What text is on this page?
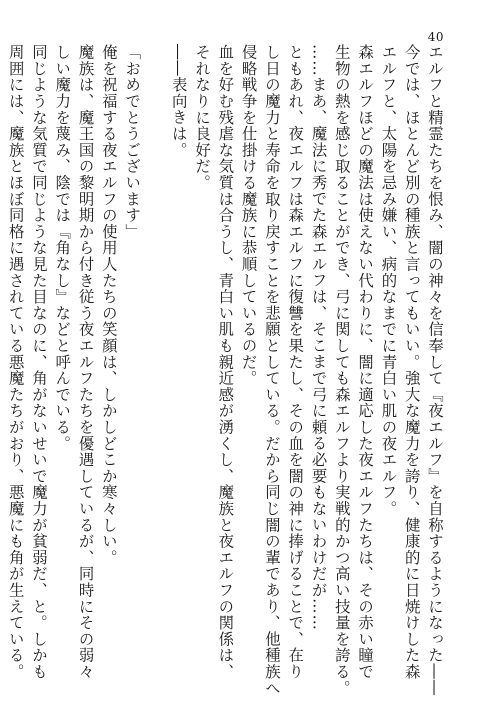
40
エルフと精霊たちを恨み、闇の神々を信奉して『夜エルフ』を自称するようになった――
今では、ほとんど別の種族と言ってもいい。強大な魔力を誇り、健康的に日焼けした森
エルフと、太陽を忌み嫌い、病的なまでに青白い肌の夜エルフ。
森エルフほどの魔法は使えない代わりに、闇に適応した夜エルフたちは、その赤い瞳で
生物の熱を感じ取ることができ、弓に関しても森エルフより実戦的かつ高い技量を誇る。
……まあ、魔法に秀でた森エルフは、そこまで弓に頼る必要もないわけだが……
ともあれ、夜エルフは森エルフに復讐を果たし、その血を闇の神に捧げることで、在り
し日の魔力と寿命を取り戻すことを悲願としている。だから同じ闇の輩であり、他種族へ
侵略戦争を仕掛ける魔族に恭順しているのだ。
血を好む残虐な気質は合うし、青白い肌も親近感が湧くし、魔族と夜エルフの関係は、
それなりに良好だ。
――表向きは。

「おめでとうございます」
俺を祝福する夜エルフの使用人たちの笑顔は、しかしどこか寒々しい。
魔族は、魔王国の黎明期から付き従う夜エルフたちを優遇しているが、同時にその弱々
しい魔力を蔑み、陰では『角なし』などと呼んでいる。
同じような気質で同じような見た目なのに、角がないせいで魔力が貧弱だ、と。しかも
周囲には、魔族とほぼ同格に遇されている悪魔たちがおり、悪魔にも角が生えている。
